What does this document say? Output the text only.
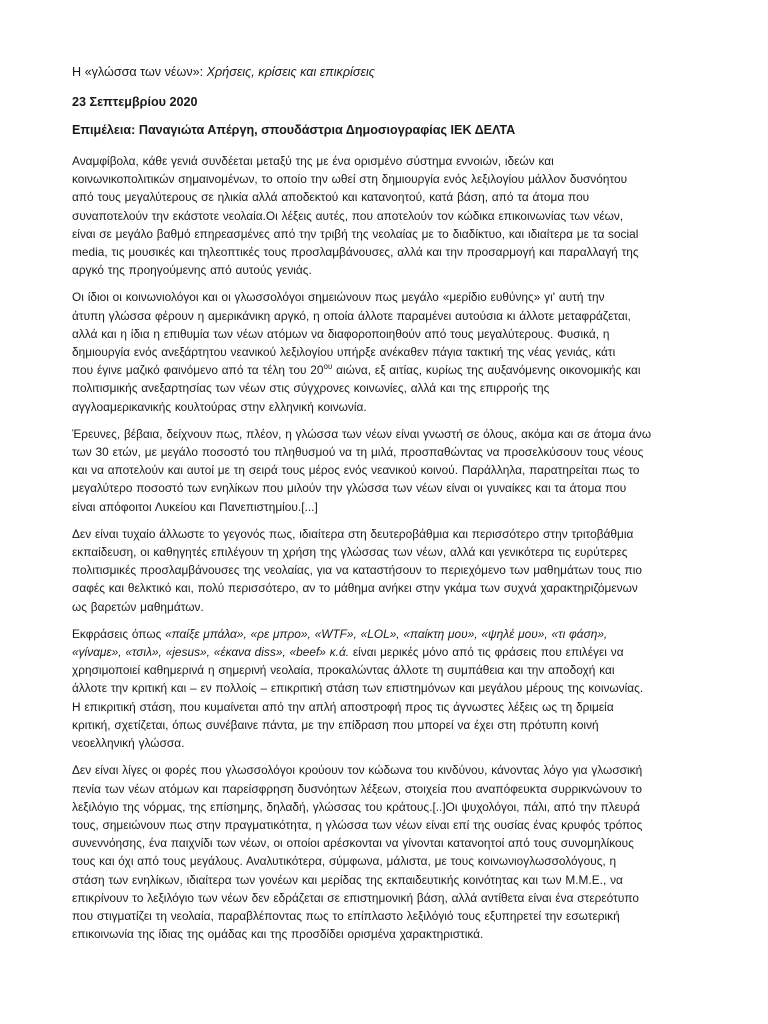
Η «γλώσσα των νέων»: Χρήσεις, κρίσεις και επικρίσεις
23 Σεπτεμβρίου 2020
Επιμέλεια: Παναγιώτα Απέργη, σπουδάστρια Δημοσιογραφίας ΙΕΚ ΔΕΛΤΑ
Αναμφίβολα, κάθε γενιά συνδέεται μεταξύ της με ένα ορισμένο σύστημα εννοιών, ιδεών και
κοινωνικοπολιτικών σημαινομένων, το οποίο την ωθεί στη δημιουργία ενός λεξιλογίου μάλλον δυσνόητου
από τους μεγαλύτερους σε ηλικία αλλά αποδεκτού και κατανοητού, κατά βάση, από τα άτομα που
συναποτελούν την εκάστοτε νεολαία.Οι λέξεις αυτές, που αποτελούν τον κώδικα επικοινωνίας των νέων,
είναι σε μεγάλο βαθμό επηρεασμένες από την τριβή της νεολαίας με το διαδίκτυο, και ιδιαίτερα με τα social
media, τις μουσικές και τηλεοπτικές τους προσλαμβάνουσες, αλλά και την προσαρμογή και παραλλαγή της
αργκό της προηγούμενης από αυτούς γενιάς.
Οι ίδιοι οι κοινωνιολόγοι και οι γλωσσολόγοι σημειώνουν πως μεγάλο «μερίδιο ευθύνης» γι' αυτή την
άτυπη γλώσσα φέρουν η αμερικάνικη αργκό, η οποία άλλοτε παραμένει αυτούσια κι άλλοτε μεταφράζεται,
αλλά και η ίδια η επιθυμία των νέων ατόμων να διαφοροποιηθούν από τους μεγαλύτερους. Φυσικά, η
δημιουργία ενός ανεξάρτητου νεανικού λεξιλογίου υπήρξε ανέκαθεν πάγια τακτική της νέας γενιάς, κάτι
που έγινε μαζικό φαινόμενο από τα τέλη του $20^{o\upsilon}$ αιώνα, εξ αιτίας, κυρίως της αυξανόμενης οικονομικής και
πολιτισμικής ανεξαρτησίας των νέων στις σύγχρονες κοινωνίες, αλλά και της επιρροής της
αγγλοαμερικανικής κουλτούρας στην ελληνική κοινωνία.
Έρευνες, βέβαια, δείχνουν πως, πλέον, η γλώσσα των νέων είναι γνωστή σε όλους, ακόμα και σε άτομα άνω
των 30 ετών, με μεγάλο ποσοστό του πληθυσμού να τη μιλά, προσπαθώντας να προσελκύσουν τους νέους
και να αποτελούν και αυτοί με τη σειρά τους μέρος ενός νεανικού κοινού. Παράλληλα, παρατηρείται πως το
μεγαλύτερο ποσοστό των ενηλίκων που μιλούν την γλώσσα των νέων είναι οι γυναίκες και τα άτομα που
είναι απόφοιτοι Λυκείου και Πανεπιστημίου.[...]
Δεν είναι τυχαίο άλλωστε το γεγονός πως, ιδιαίτερα στη δευτεροβάθμια και περισσότερο στην τριτοβάθμια
εκπαίδευση, οι καθηγητές επιλέγουν τη χρήση της γλώσσας των νέων, αλλά και γενικότερα τις ευρύτερες
πολιτισμικές προσλαμβάνουσες της νεολαίας, για να καταστήσουν το περιεχόμενο των μαθημάτων τους πιο
σαφές και θελκτικό και, πολύ περισσότερο, αν το μάθημα ανήκει στην γκάμα των συχνά χαρακτηριζόμενων
ως βαρετών μαθημάτων.
Εκφράσεις όπως «παίξε μπάλα», «ρε μπρο», «WTF», «LOL», «παίκτη μου», «ψηλέ μου», «τι φάση»,
«γίναμε», «τσιλ», «jesus», «έκανα diss», «beef» κ.ά. είναι μερικές μόνο από τις φράσεις που επιλέγει να
χρησιμοποιεί καθημερινά η σημερινή νεολαία, προκαλώντας άλλοτε τη συμπάθεια και την αποδοχή και
άλλοτε την κριτική και – εν πολλοίς – επικριτική στάση των επιστημόνων και μεγάλου μέρους της κοινωνίας.
Η επικριτική στάση, που κυμαίνεται από την απλή αποστροφή προς τις άγνωστες λέξεις ως τη δριμεία
κριτική, σχετίζεται, όπως συνέβαινε πάντα, με την επίδραση που μπορεί να έχει στη πρότυπη κοινή
νεοελληνική γλώσσα.
Δεν είναι λίγες οι φορές που γλωσσολόγοι κρούουν τον κώδωνα του κινδύνου, κάνοντας λόγο για γλωσσική
πενία των νέων ατόμων και παρείσφρηση δυσνόητων λέξεων, στοιχεία που αναπόφευκτα συρρικνώνουν το
λεξιλόγιο της νόρμας, της επίσημης, δηλαδή, γλώσσας του κράτους.[..]Οι ψυχολόγοι, πάλι, από την πλευρά
τους, σημειώνουν πως στην πραγματικότητα, η γλώσσα των νέων είναι επί της ουσίας ένας κρυφός τρόπος
συνεννόησης, ένα παιχνίδι των νέων, οι οποίοι αρέσκονται να γίνονται κατανοητοί από τους συνομηλίκους
τους και όχι από τους μεγάλους. Αναλυτικότερα, σύμφωνα, μάλιστα, με τους κοινωνιογλωσσολόγους, η
στάση των ενηλίκων, ιδιαίτερα των γονέων και μερίδας της εκπαιδευτικής κοινότητας και των Μ.Μ.Ε., να
επικρίνουν το λεξιλόγιο των νέων δεν εδράζεται σε επιστημονική βάση, αλλά αντίθετα είναι ένα στερεότυπο
που στιγματίζει τη νεολαία, παραβλέποντας πως το επίπλαστο λεξιλόγιό τους εξυπηρετεί την εσωτερική
επικοινωνία της ίδιας της ομάδας και της προσδίδει ορισμένα χαρακτηριστικά.
